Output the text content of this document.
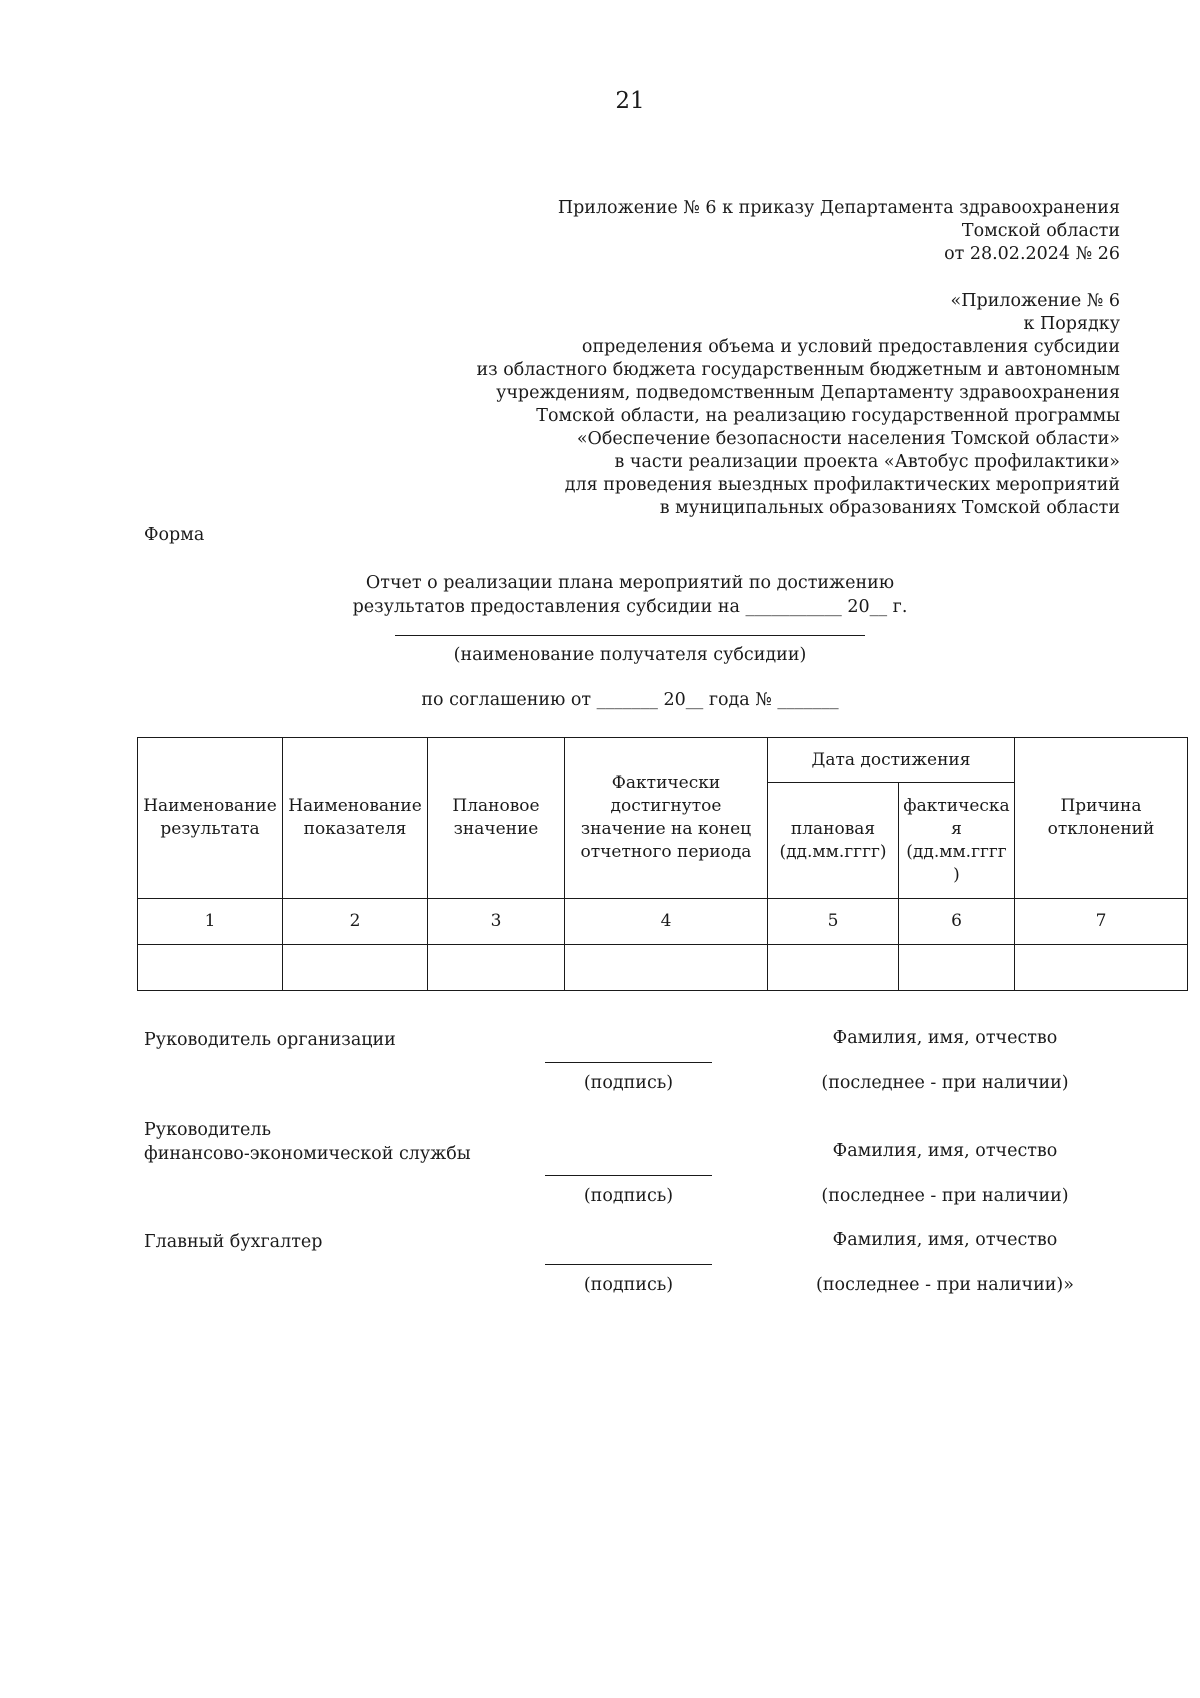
21
Приложение № 6 к приказу Департамента здравоохранения
Томской области
от 28.02.2024 № 26
«Приложение № 6
к Порядку
определения объема и условий предоставления субсидии
из областного бюджета государственным бюджетным и автономным
учреждениям, подведомственным Департаменту здравоохранения
Томской области, на реализацию государственной программы
«Обеспечение безопасности населения Томской области»
в части реализации проекта «Автобус профилактики»
для проведения выездных профилактических мероприятий
в муниципальных образованиях Томской области
Форма
Отчет о реализации плана мероприятий по достижению
результатов предоставления субсидии на ___________ 20__ г.
(наименование получателя субсидии)
по соглашению от _______ 20__ года № _______
Наименование результата	Наименование показателя	Плановое значение	Фактически достигнутое значение на конец отчетного периода	Дата достижения		Причина отклонений
				плановая (дд.мм.гггг)	фактическа я (дд.мм.гггг )	
1	2	3	4	5	6	7

Руководитель организации	Фамилия, имя, отчество
(подпись)	(последнее - при наличии)
Руководитель
финансово-экономической службы	Фамилия, имя, отчество
(подпись)	(последнее - при наличии)
Главный бухгалтер	Фамилия, имя, отчество
(подпись)	(последнее - при наличии)»
